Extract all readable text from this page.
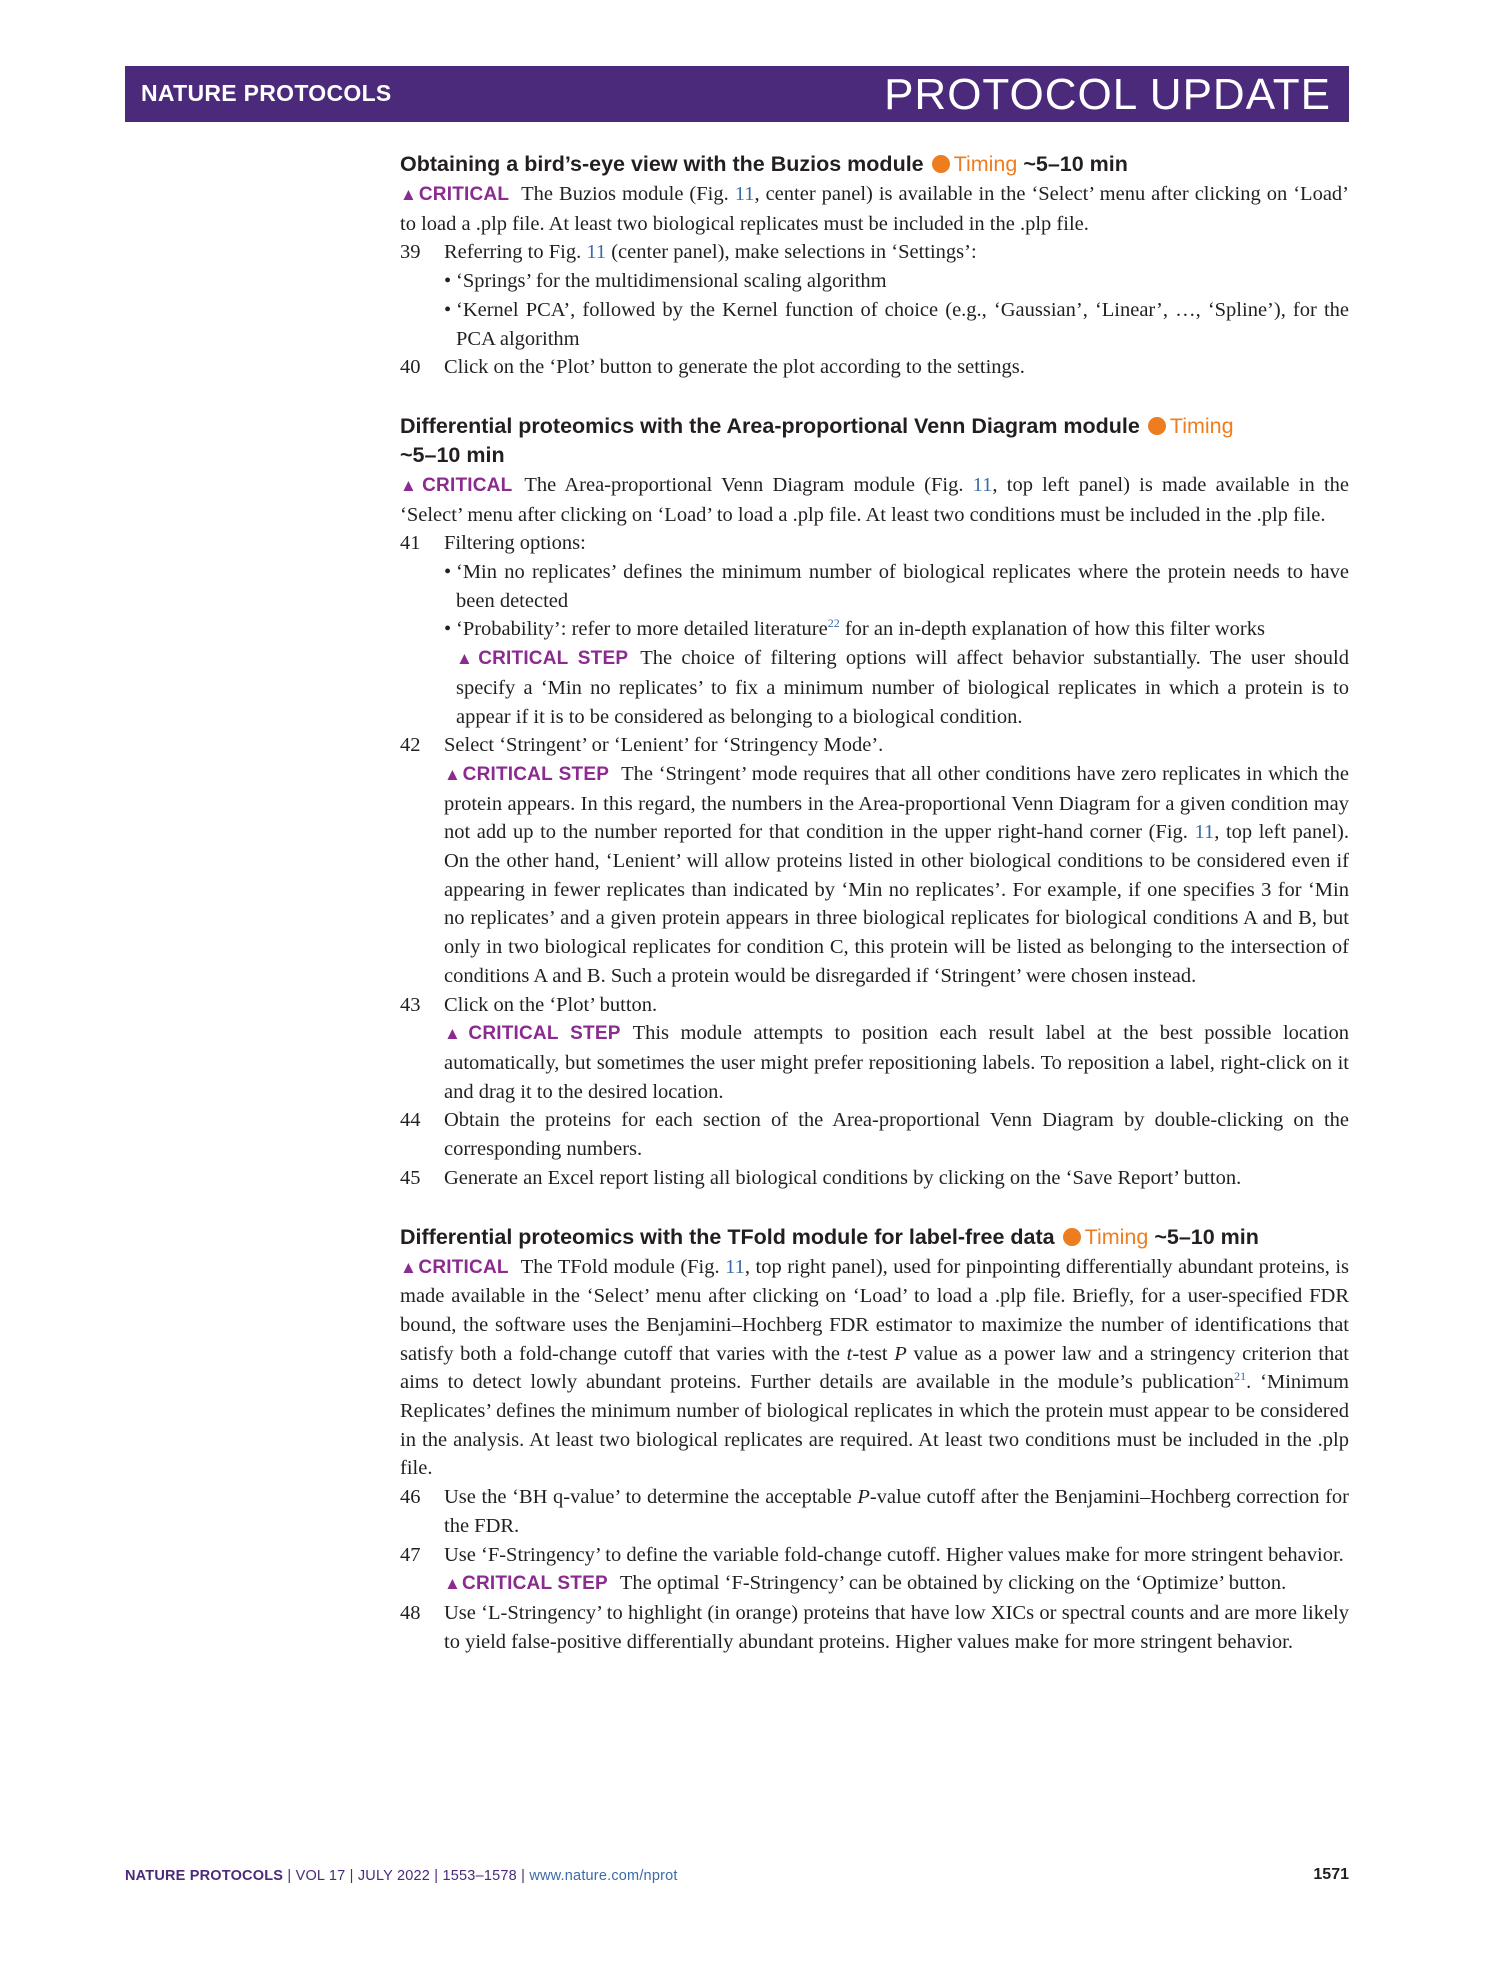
NATURE PROTOCOLS	PROTOCOL UPDATE
Obtaining a bird’s-eye view with the Buzios module Timing ~5–10 min

▲CRITICAL The Buzios module (Fig. 11, center panel) is available in the ‘Select’ menu after clicking on ‘Load’ to load a .plp file. At least two biological replicates must be included in the .plp file.

39 Referring to Fig. 11 (center panel), make selections in ‘Settings’:

• ‘Springs’ for the multidimensional scaling algorithm
• ‘Kernel PCA’, followed by the Kernel function of choice (e.g., ‘Gaussian’, ‘Linear’, …, ‘Spline’), for the PCA algorithm
40 Click on the ‘Plot’ button to generate the plot according to the settings.

Differential proteomics with the Area-proportional Venn Diagram module Timing
~5–10 min

▲CRITICAL The Area-proportional Venn Diagram module (Fig. 11, top left panel) is made available in the ‘Select’ menu after clicking on ‘Load’ to load a .plp file. At least two conditions must be included in the .plp file.

41 Filtering options:

• ‘Min no replicates’ defines the minimum number of biological replicates where the protein needs to have been detected
• ‘Probability’: refer to more detailed literature$^{22}$ for an in-depth explanation of how this filter works

▲CRITICAL STEP The choice of filtering options will affect behavior substantially. The user should specify a ‘Min no replicates’ to fix a minimum number of biological replicates in which a protein is to appear if it is to be considered as belonging to a biological condition.

42 Select ‘Stringent’ or ‘Lenient’ for ‘Stringency Mode’.

▲CRITICAL STEP The ‘Stringent’ mode requires that all other conditions have zero replicates in which the protein appears. In this regard, the numbers in the Area-proportional Venn Diagram for a given condition may not add up to the number reported for that condition in the upper right-hand corner (Fig. 11, top left panel). On the other hand, ‘Lenient’ will allow proteins listed in other biological conditions to be considered even if appearing in fewer replicates than indicated by ‘Min no replicates’. For example, if one specifies 3 for ‘Min no replicates’ and a given protein appears in three biological replicates for biological conditions A and B, but only in two biological replicates for condition C, this protein will be listed as belonging to the intersection of conditions A and B. Such a protein would be disregarded if ‘Stringent’ were chosen instead.

43 Click on the ‘Plot’ button.

▲CRITICAL STEP This module attempts to position each result label at the best possible location automatically, but sometimes the user might prefer repositioning labels. To reposition a label, right-click on it and drag it to the desired location.

44 Obtain the proteins for each section of the Area-proportional Venn Diagram by double-clicking on the corresponding numbers.

45 Generate an Excel report listing all biological conditions by clicking on the ‘Save Report’ button.

Differential proteomics with the TFold module for label-free data Timing ~5–10 min

▲CRITICAL The TFold module (Fig. 11, top right panel), used for pinpointing differentially abundant proteins, is made available in the ‘Select’ menu after clicking on ‘Load’ to load a .plp file. Briefly, for a user-specified FDR bound, the software uses the Benjamini–Hochberg FDR estimator to maximize the number of identifications that satisfy both a fold-change cutoff that varies with the t-test P value as a power law and a stringency criterion that aims to detect lowly abundant proteins. Further details are available in the module’s publication$^{21}$. ‘Minimum Replicates’ defines the minimum number of biological replicates in which the protein must appear to be considered in the analysis. At least two biological replicates are required. At least two conditions must be included in the .plp file.

46 Use the ‘BH q-value’ to determine the acceptable P-value cutoff after the Benjamini–Hochberg correction for the FDR.

47 Use ‘F-Stringency’ to define the variable fold-change cutoff. Higher values make for more stringent behavior.

▲CRITICAL STEP The optimal ‘F-Stringency’ can be obtained by clicking on the ‘Optimize’ button.

48 Use ‘L-Stringency’ to highlight (in orange) proteins that have low XICs or spectral counts and are more likely to yield false-positive differentially abundant proteins. Higher values make for more stringent behavior.

NATURE PROTOCOLS | VOL 17 | JULY 2022 | 1553–1578 | www.nature.com/nprot	1571
